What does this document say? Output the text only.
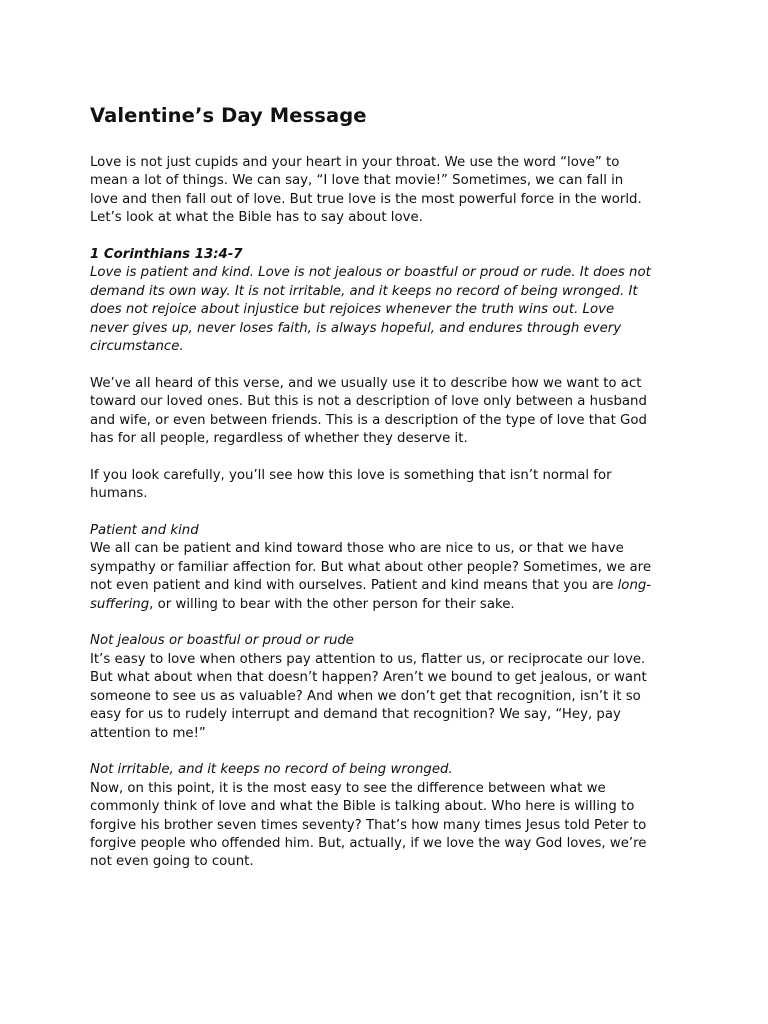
Valentine’s Day Message

Love is not just cupids and your heart in your throat. We use the word “love” to
mean a lot of things. We can say, “I love that movie!” Sometimes, we can fall in
love and then fall out of love. But true love is the most powerful force in the world.
Let’s look at what the Bible has to say about love.

1 Corinthians 13:4-7
Love is patient and kind. Love is not jealous or boastful or proud or rude. It does not
demand its own way. It is not irritable, and it keeps no record of being wronged. It
does not rejoice about injustice but rejoices whenever the truth wins out. Love
never gives up, never loses faith, is always hopeful, and endures through every
circumstance.

We’ve all heard of this verse, and we usually use it to describe how we want to act
toward our loved ones. But this is not a description of love only between a husband
and wife, or even between friends. This is a description of the type of love that God
has for all people, regardless of whether they deserve it.

If you look carefully, you’ll see how this love is something that isn’t normal for
humans.

Patient and kind
We all can be patient and kind toward those who are nice to us, or that we have
sympathy or familiar affection for. But what about other people? Sometimes, we are
not even patient and kind with ourselves. Patient and kind means that you are long-
suffering, or willing to bear with the other person for their sake.

Not jealous or boastful or proud or rude
It’s easy to love when others pay attention to us, flatter us, or reciprocate our love.
But what about when that doesn’t happen? Aren’t we bound to get jealous, or want
someone to see us as valuable? And when we don’t get that recognition, isn’t it so
easy for us to rudely interrupt and demand that recognition? We say, “Hey, pay
attention to me!”

Not irritable, and it keeps no record of being wronged.
Now, on this point, it is the most easy to see the difference between what we
commonly think of love and what the Bible is talking about. Who here is willing to
forgive his brother seven times seventy? That’s how many times Jesus told Peter to
forgive people who offended him. But, actually, if we love the way God loves, we’re
not even going to count.
